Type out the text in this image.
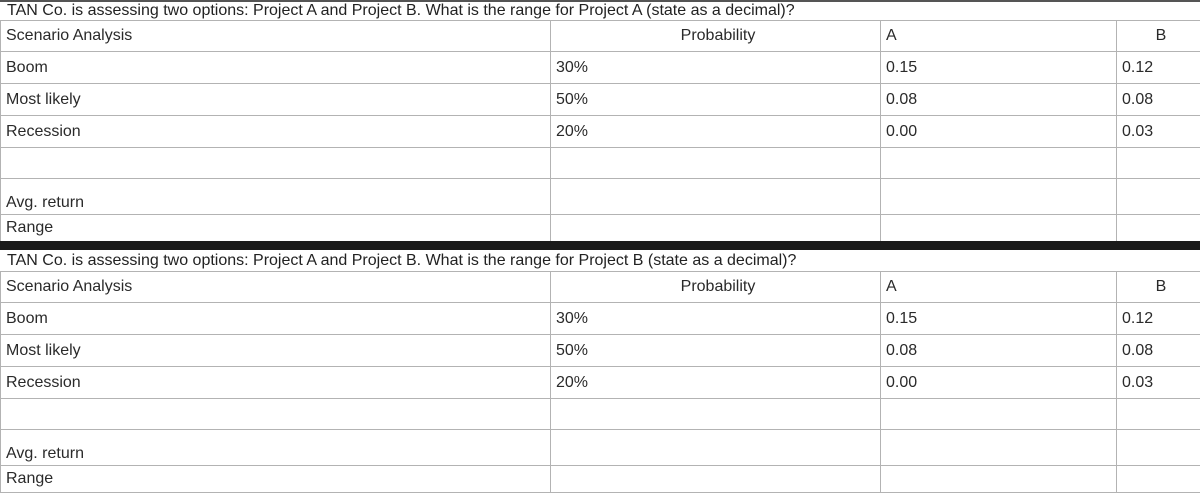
TAN Co. is assessing two options: Project A and Project B. What is the range for Project A (state as a decimal)?
Scenario Analysis	Probability	A	B
Boom	30%	0.15	0.12
Most likely	50%	0.08	0.08
Recession	20%	0.00	0.03

Avg. return			
Range			
TAN Co. is assessing two options: Project A and Project B. What is the range for Project B (state as a decimal)?
Scenario Analysis	Probability	A	B
Boom	30%	0.15	0.12
Most likely	50%	0.08	0.08
Recession	20%	0.00	0.03

Avg. return			
Range			
